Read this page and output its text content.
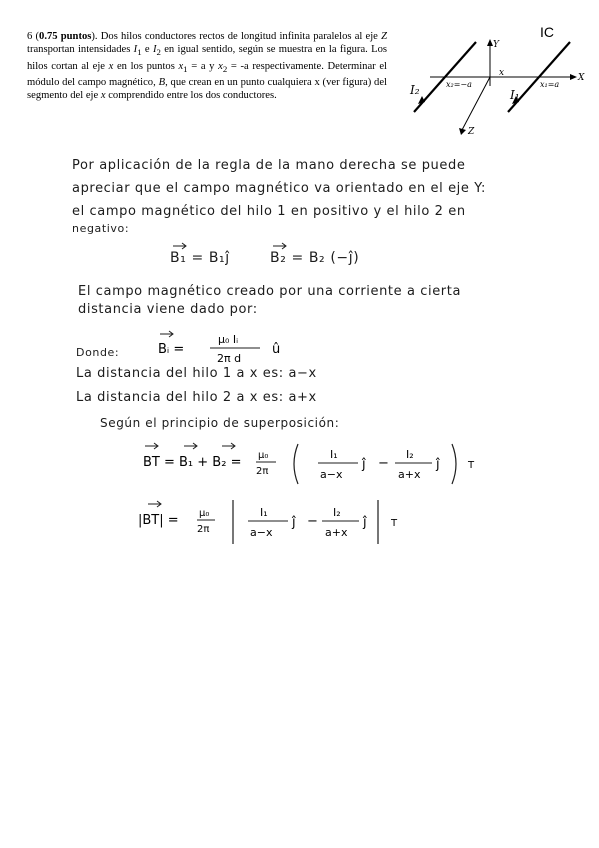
6 (0.75 puntos). Dos hilos conductores rectos de longitud infinita paralelos al eje Z transportan intensidades $I_1$ e $I_2$ en igual sentido, según se muestra en la figura. Los hilos cortan al eje x en los puntos $x_1 = a$ y $x_2 = -a$ respectivamente. Determinar el módulo del campo magnético, B, que crean en un punto cualquiera x (ver figura) del segmento del eje x comprendido entre los dos conductores.
IC
Y
X
Z
x₂=−a
x
x₁=a
I₂	I₁
Por aplicación de la regla de la mano derecha se puede
apreciar que el campo magnético va orientado en el eje Y:
el campo magnético del hilo 1 en positivo y el hilo 2 en
negativo:
B₁ = B₁ĵ	B₂ = B₂ (−ĵ)
El campo magnético creado por una corriente a cierta
distancia viene dado por:
Donde:	Bᵢ =
μ₀ Iᵢ
2π d
û
La distancia del hilo 1 a x es: a−x
La distancia del hilo 2 a x es: a+x
Según el principio de superposición:
BT = B₁ + B₂ = μ₀
2π
I₁
a−x
ĵ −
I₂
a+x
ĵ	T
|BT| = μ₀
2π
I₁
a−x
ĵ −
I₂
a+x
ĵ T
